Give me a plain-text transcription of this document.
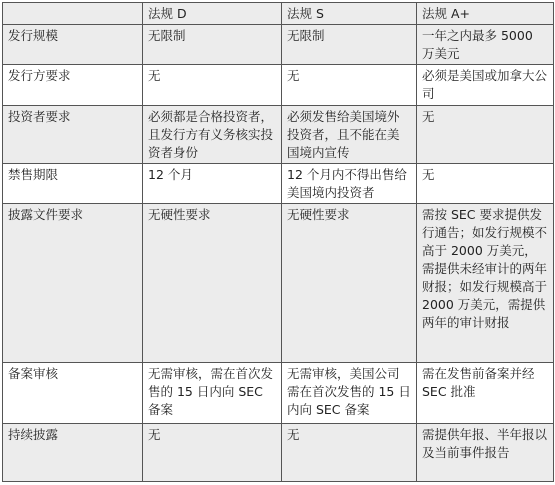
	法规 D	法规 S	法规 A+
发行规模	无限制	无限制	一年之内最多 5000 万美元
发行方要求	无	无	必须是美国或加拿大公司
投资者要求	必须都是合格投资者，且发行方有义务核实投资者身份	必须发售给美国境外投资者，且不能在美国境内宣传	无
禁售期限	12 个月	12 个月内不得出售给美国境内投资者	无
披露文件要求	无硬性要求	无硬性要求	需按 SEC 要求提供发行通告；如发行规模不高于 2000 万美元，需提供未经审计的两年财报；如发行规模高于 2000 万美元，需提供两年的审计财报
备案审核	无需审核，需在首次发售的 15 日内向 SEC 备案	无需审核，美国公司需在首次发售的 15 日内向 SEC 备案	需在发售前备案并经 SEC 批准
持续披露	无	无	需提供年报、半年报以及当前事件报告
